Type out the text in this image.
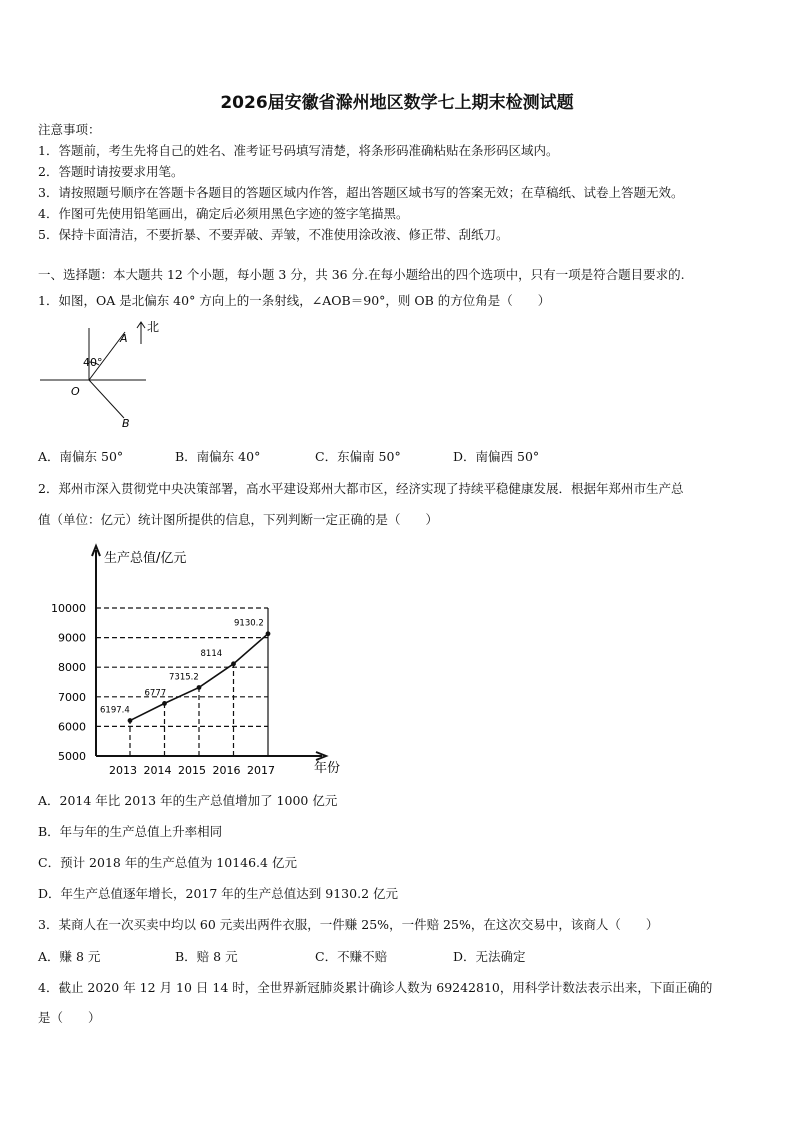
2026届安徽省滁州地区数学七上期末检测试题
注意事项：
1．答题前，考生先将自己的姓名、准考证号码填写清楚，将条形码准确粘贴在条形码区域内。
2．答题时请按要求用笔。
3．请按照题号顺序在答题卡各题目的答题区域内作答，超出答题区域书写的答案无效；在草稿纸、试卷上答题无效。
4．作图可先使用铅笔画出，确定后必须用黑色字迹的签字笔描黑。
5．保持卡面清洁，不要折暴、不要弄破、弄皱，不准使用涂改液、修正带、刮纸刀。
一、选择题：本大题共 12 个小题，每小题 3 分，共 36 分.在每小题给出的四个选项中，只有一项是符合题目要求的.
1．如图，OA 是北偏东 40° 方向上的一条射线，∠AOB＝90°，则 OB 的方位角是（　　）
北
40°
A
O
B
A．南偏东 50°	B．南偏东 40°	C．东偏南 50°	D．南偏西 50°
2．郑州市深入贯彻党中央决策部署，高水平建设郑州大都市区，经济实现了持续平稳健康发展．根据年郑州市生产总
值（单位：亿元）统计图所提供的信息，下列判断一定正确的是（　　）
生产总值/亿元
年份
5000
6000
7000
8000
9000
10000
2013 2014 2015 2016 2017
6197.4
6777
7315.2
8114
9130.2
A．2014 年比 2013 年的生产总值增加了 1000 亿元
B．年与年的生产总值上升率相同
C．预计 2018 年的生产总值为 10146.4 亿元
D．年生产总值逐年增长，2017 年的生产总值达到 9130.2 亿元
3．某商人在一次买卖中均以 60 元卖出两件衣服，一件赚 25%，一件赔 25%，在这次交易中，该商人（　　）
A．赚 8 元	B．赔 8 元	C．不赚不赔	D．无法确定
4．截止 2020 年 12 月 10 日 14 时，全世界新冠肺炎累计确诊人数为 69242810，用科学计数法表示出来，下面正确的
是（　　）
